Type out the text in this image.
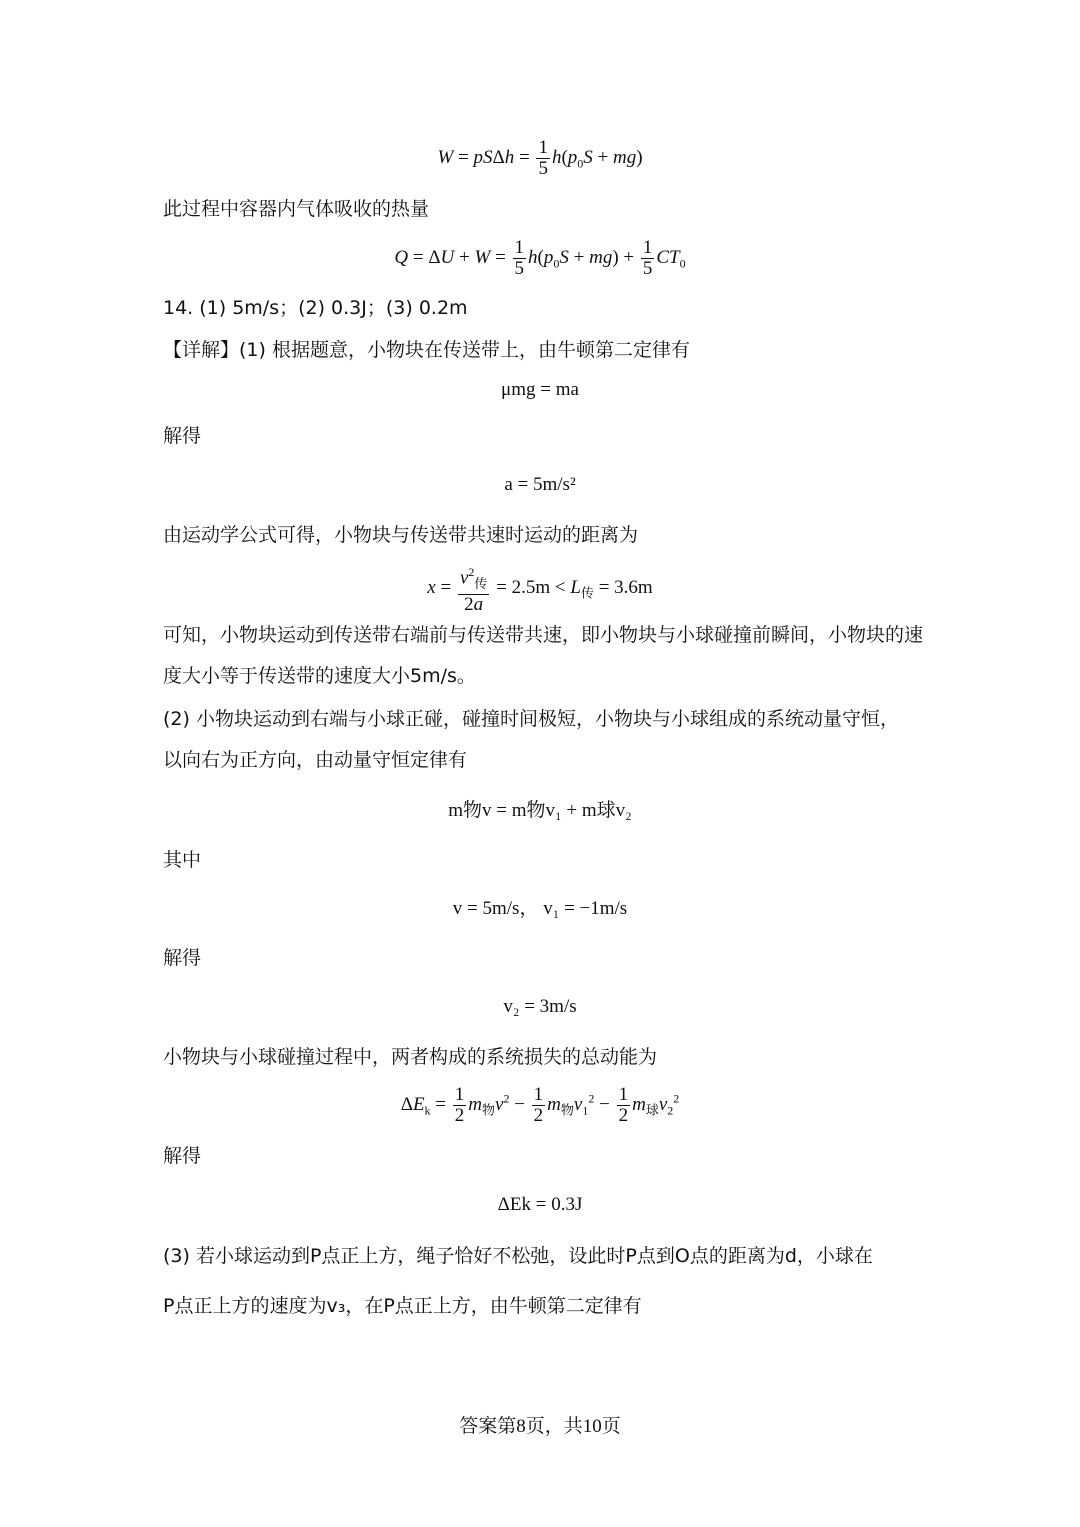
$W = pS\Delta h = \frac{1}{5} h(p_0S + mg)$
此过程中容器内气体吸收的热量
$Q = \Delta U + W = \frac{1}{5} h(p_0S + mg) + \frac{1}{5} CT_0$
14. (1) 5m/s；(2) 0.3J；(3) 0.2m
【详解】(1) 根据题意，小物块在传送带上，由牛顿第二定律有
μmg = ma
解得
a = 5m/s²
由运动学公式可得，小物块与传送带共速时运动的距离为
$x = \frac{v^2_传}{2a} = 2.5m < L_传 = 3.6m$
可知，小物块运动到传送带右端前与传送带共速，即小物块与小球碰撞前瞬间，小物块的速
度大小等于传送带的速度大小5m/s。
(2) 小物块运动到右端与小球正碰，碰撞时间极短，小物块与小球组成的系统动量守恒，
以向右为正方向，由动量守恒定律有
m物v = m物v₁ + m球v₂
其中
v = 5m/s， v₁ = −1m/s
解得
v₂ = 3m/s
小物块与小球碰撞过程中，两者构成的系统损失的总动能为
$\Delta E_k = \frac{1}{2} m_物v^2 - \frac{1}{2} m_物v_1^2 - \frac{1}{2} m_球v_2^2$
解得
ΔEk = 0.3J
(3) 若小球运动到P点正上方，绳子恰好不松弛，设此时P点到O点的距离为d，小球在
P点正上方的速度为v₃，在P点正上方，由牛顿第二定律有
答案第8页，共10页
